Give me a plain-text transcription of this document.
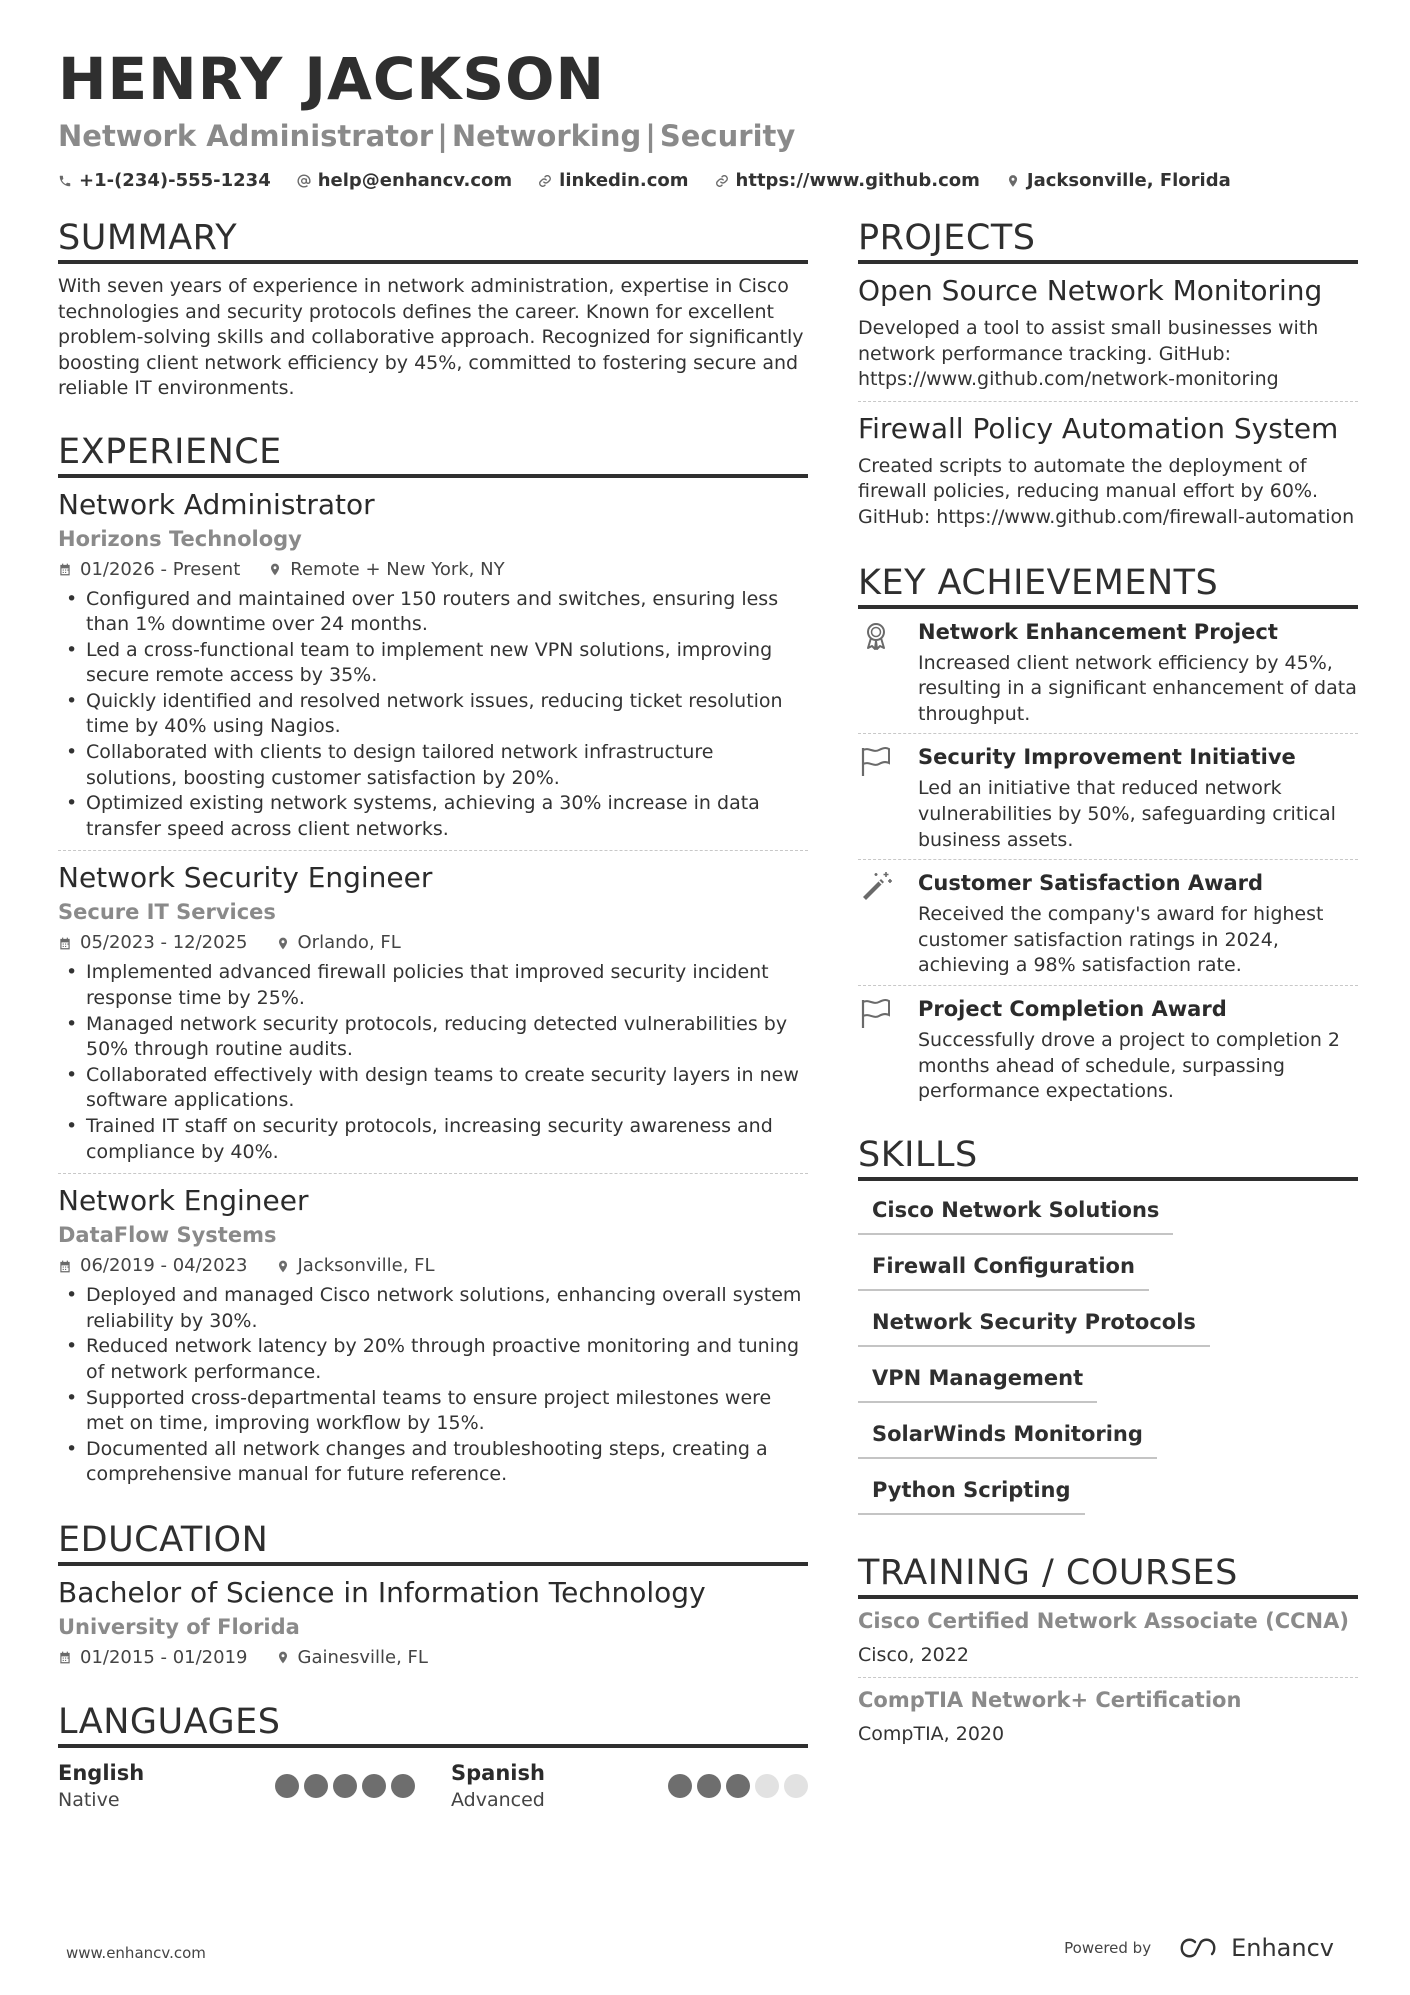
HENRY JACKSON
Network Administrator | Networking | Security
+1-(234)-555-1234	help@enhancv.com	linkedin.com	https://www.github.com	Jacksonville, Florida
SUMMARY
With seven years of experience in network administration, expertise in Cisco technologies and security protocols defines the career. Known for excellent problem-solving skills and collaborative approach. Recognized for significantly boosting client network efficiency by 45%, committed to fostering secure and reliable IT environments.
EXPERIENCE
Network Administrator
Horizons Technology
01/2026 - Present	Remote + New York, NY
• Configured and maintained over 150 routers and switches, ensuring less than 1% downtime over 24 months.
• Led a cross-functional team to implement new VPN solutions, improving secure remote access by 35%.
• Quickly identified and resolved network issues, reducing ticket resolution time by 40% using Nagios.
• Collaborated with clients to design tailored network infrastructure solutions, boosting customer satisfaction by 20%.
• Optimized existing network systems, achieving a 30% increase in data transfer speed across client networks.
Network Security Engineer
Secure IT Services
05/2023 - 12/2025	Orlando, FL
• Implemented advanced firewall policies that improved security incident response time by 25%.
• Managed network security protocols, reducing detected vulnerabilities by 50% through routine audits.
• Collaborated effectively with design teams to create security layers in new software applications.
• Trained IT staff on security protocols, increasing security awareness and compliance by 40%.
Network Engineer
DataFlow Systems
06/2019 - 04/2023	Jacksonville, FL
• Deployed and managed Cisco network solutions, enhancing overall system reliability by 30%.
• Reduced network latency by 20% through proactive monitoring and tuning of network performance.
• Supported cross-departmental teams to ensure project milestones were met on time, improving workflow by 15%.
• Documented all network changes and troubleshooting steps, creating a comprehensive manual for future reference.
EDUCATION
Bachelor of Science in Information Technology
University of Florida
01/2015 - 01/2019	Gainesville, FL
LANGUAGES
English
Native
Spanish
Advanced
PROJECTS
Open Source Network Monitoring
Developed a tool to assist small businesses with network performance tracking. GitHub: https://www.github.com/network-monitoring
Firewall Policy Automation System
Created scripts to automate the deployment of firewall policies, reducing manual effort by 60%. GitHub: https://www.github.com/firewall-automation
KEY ACHIEVEMENTS
Network Enhancement Project
Increased client network efficiency by 45%, resulting in a significant enhancement of data throughput.
Security Improvement Initiative
Led an initiative that reduced network vulnerabilities by 50%, safeguarding critical business assets.
Customer Satisfaction Award
Received the company's award for highest customer satisfaction ratings in 2024, achieving a 98% satisfaction rate.
Project Completion Award
Successfully drove a project to completion 2 months ahead of schedule, surpassing performance expectations.
SKILLS
Cisco Network Solutions
Firewall Configuration
Network Security Protocols
VPN Management
SolarWinds Monitoring
Python Scripting
TRAINING / COURSES
Cisco Certified Network Associate (CCNA)
Cisco, 2022
CompTIA Network+ Certification
CompTIA, 2020
www.enhancv.com	Powered by	Enhancv
